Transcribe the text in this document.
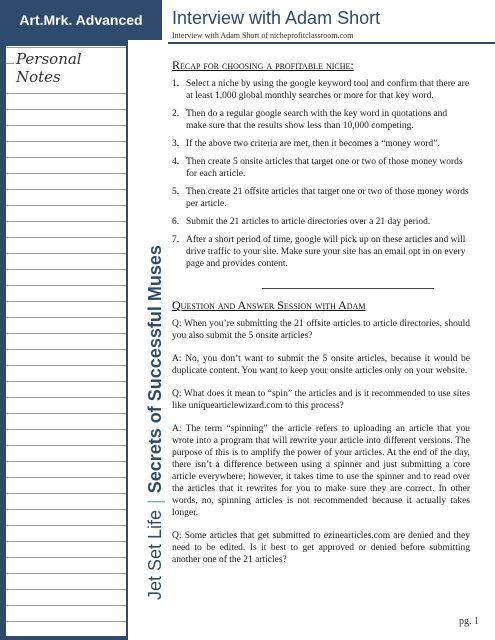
Art.Mrk. Advanced
Personal Notes
Jet Set Life|Secrets of Successful Muses
Interview with Adam Short
Interview with Adam Short of nicheprofitclassroom.com
Recap for choosing a profitable niche:
1. Select a niche by using the google keyword tool and confirm that there are at least 1,000 global monthly searches or more for that key word.
2. Then do a regular google search with the key word in quotations and make sure that the results show less than 10,000 competing.
3. If the above two criteria are met, then it becomes a “money word”.
4. Then create 5 onsite articles that target one or two of those money words for each article.
5. Then create 21 offsite articles that target one or two of those money words per article.
6. Submit the 21 articles to article directories over a 21 day period.
7. After a short period of time, google will pick up on these articles and will drive traffic to your site. Make sure your site has an email opt in on every page and provides content.
Question and Answer Session with Adam

Q: When you’re submitting the 21 offsite articles to article directories, should you also submit the 5 onsite articles?

A: No, you don’t want to submit the 5 onsite articles, because it would be duplicate content. You want to keep your onsite articles only on your website.

Q: What does it mean to “spin” the articles and is it recommended to use sites like uniquearticlewizard.com to this process?

A: The term “spinning” the article refers to uploading an article that you wrote into a program that will rewrite your article into different versions. The purpose of this is to amplify the power of your articles. At the end of the day, there isn’t a difference between using a spinner and just submitting a core article everywhere; however, it takes time to use the spinner and to read over the articles that it rewrites for you to make sure they are correct. In other words, no, spinning articles is not recommended because it actually takes longer.

Q: Some articles that get submitted to ezinearticles.com are denied and they need to be edited. Is it best to get approved or denied before submitting another one of the 21 articles?

pg. 1
